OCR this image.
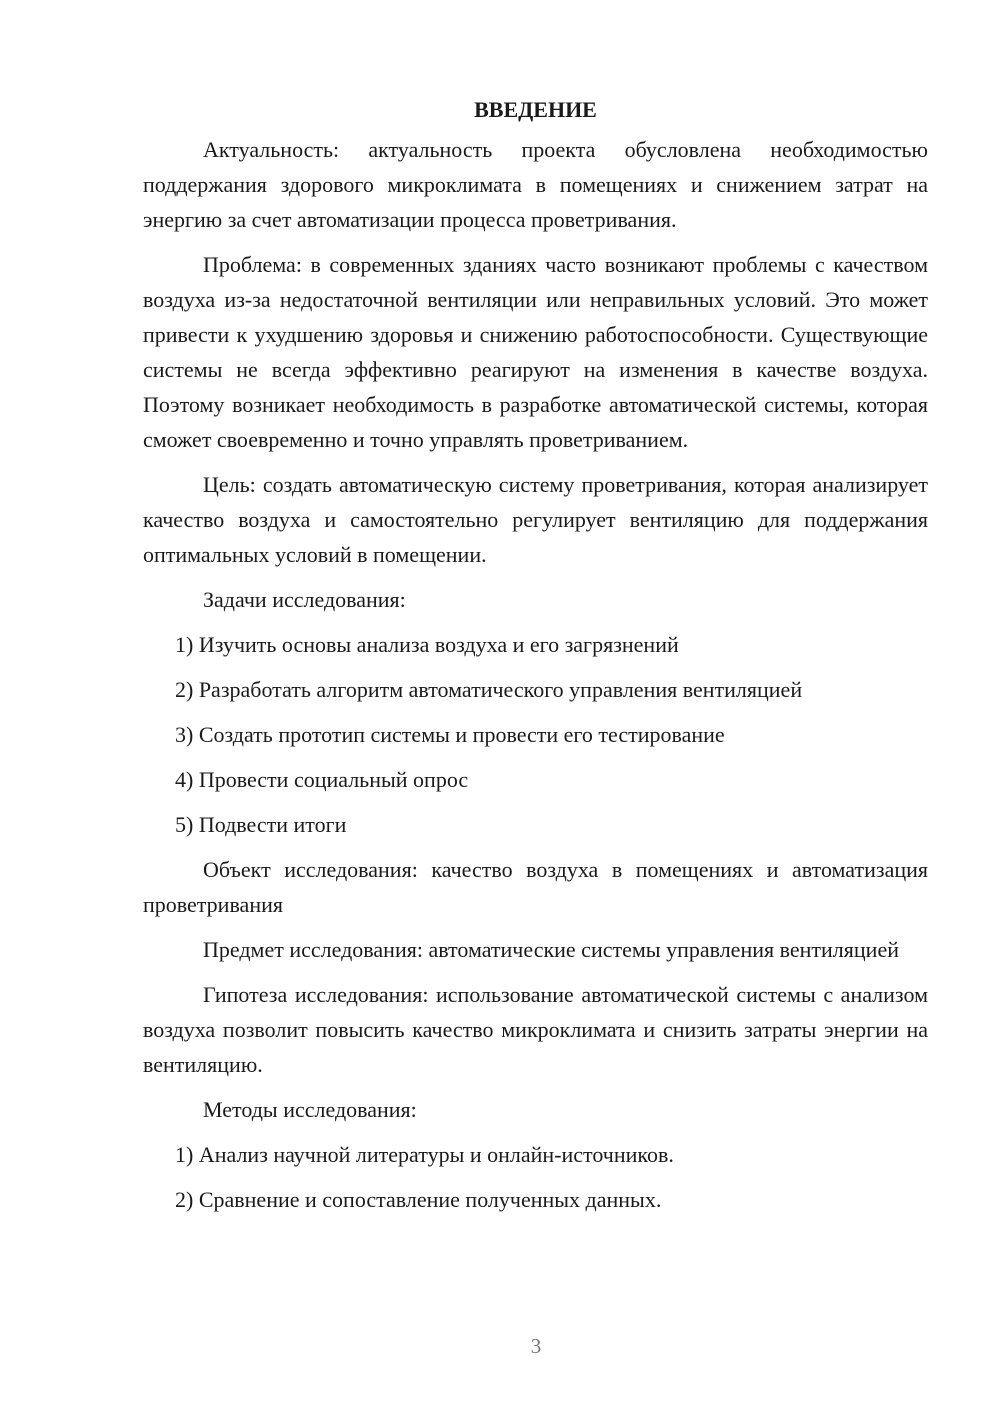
ВВЕДЕНИЕ

Актуальность: актуальность проекта обусловлена необходимостью поддержания здорового микроклимата в помещениях и снижением затрат на энергию за счет автоматизации процесса проветривания.

Проблема: в современных зданиях часто возникают проблемы с качеством воздуха из-за недостаточной вентиляции или неправильных условий. Это может привести к ухудшению здоровья и снижению работоспособности. Существующие системы не всегда эффективно реагируют на изменения в качестве воздуха. Поэтому возникает необходимость в разработке автоматической системы, которая сможет своевременно и точно управлять проветриванием.

Цель: создать автоматическую систему проветривания, которая анализирует качество воздуха и самостоятельно регулирует вентиляцию для поддержания оптимальных условий в помещении.

Задачи исследования:

1) Изучить основы анализа воздуха и его загрязнений
2) Разработать алгоритм автоматического управления вентиляцией
3) Создать прототип системы и провести его тестирование
4) Провести социальный опрос
5) Подвести итоги

Объект исследования: качество воздуха в помещениях и автоматизация проветривания

Предмет исследования: автоматические системы управления вентиляцией

Гипотеза исследования: использование автоматической системы с анализом воздуха позволит повысить качество микроклимата и снизить затраты энергии на вентиляцию.

Методы исследования:

1) Анализ научной литературы и онлайн-источников.
2) Сравнение и сопоставление полученных данных.
3
